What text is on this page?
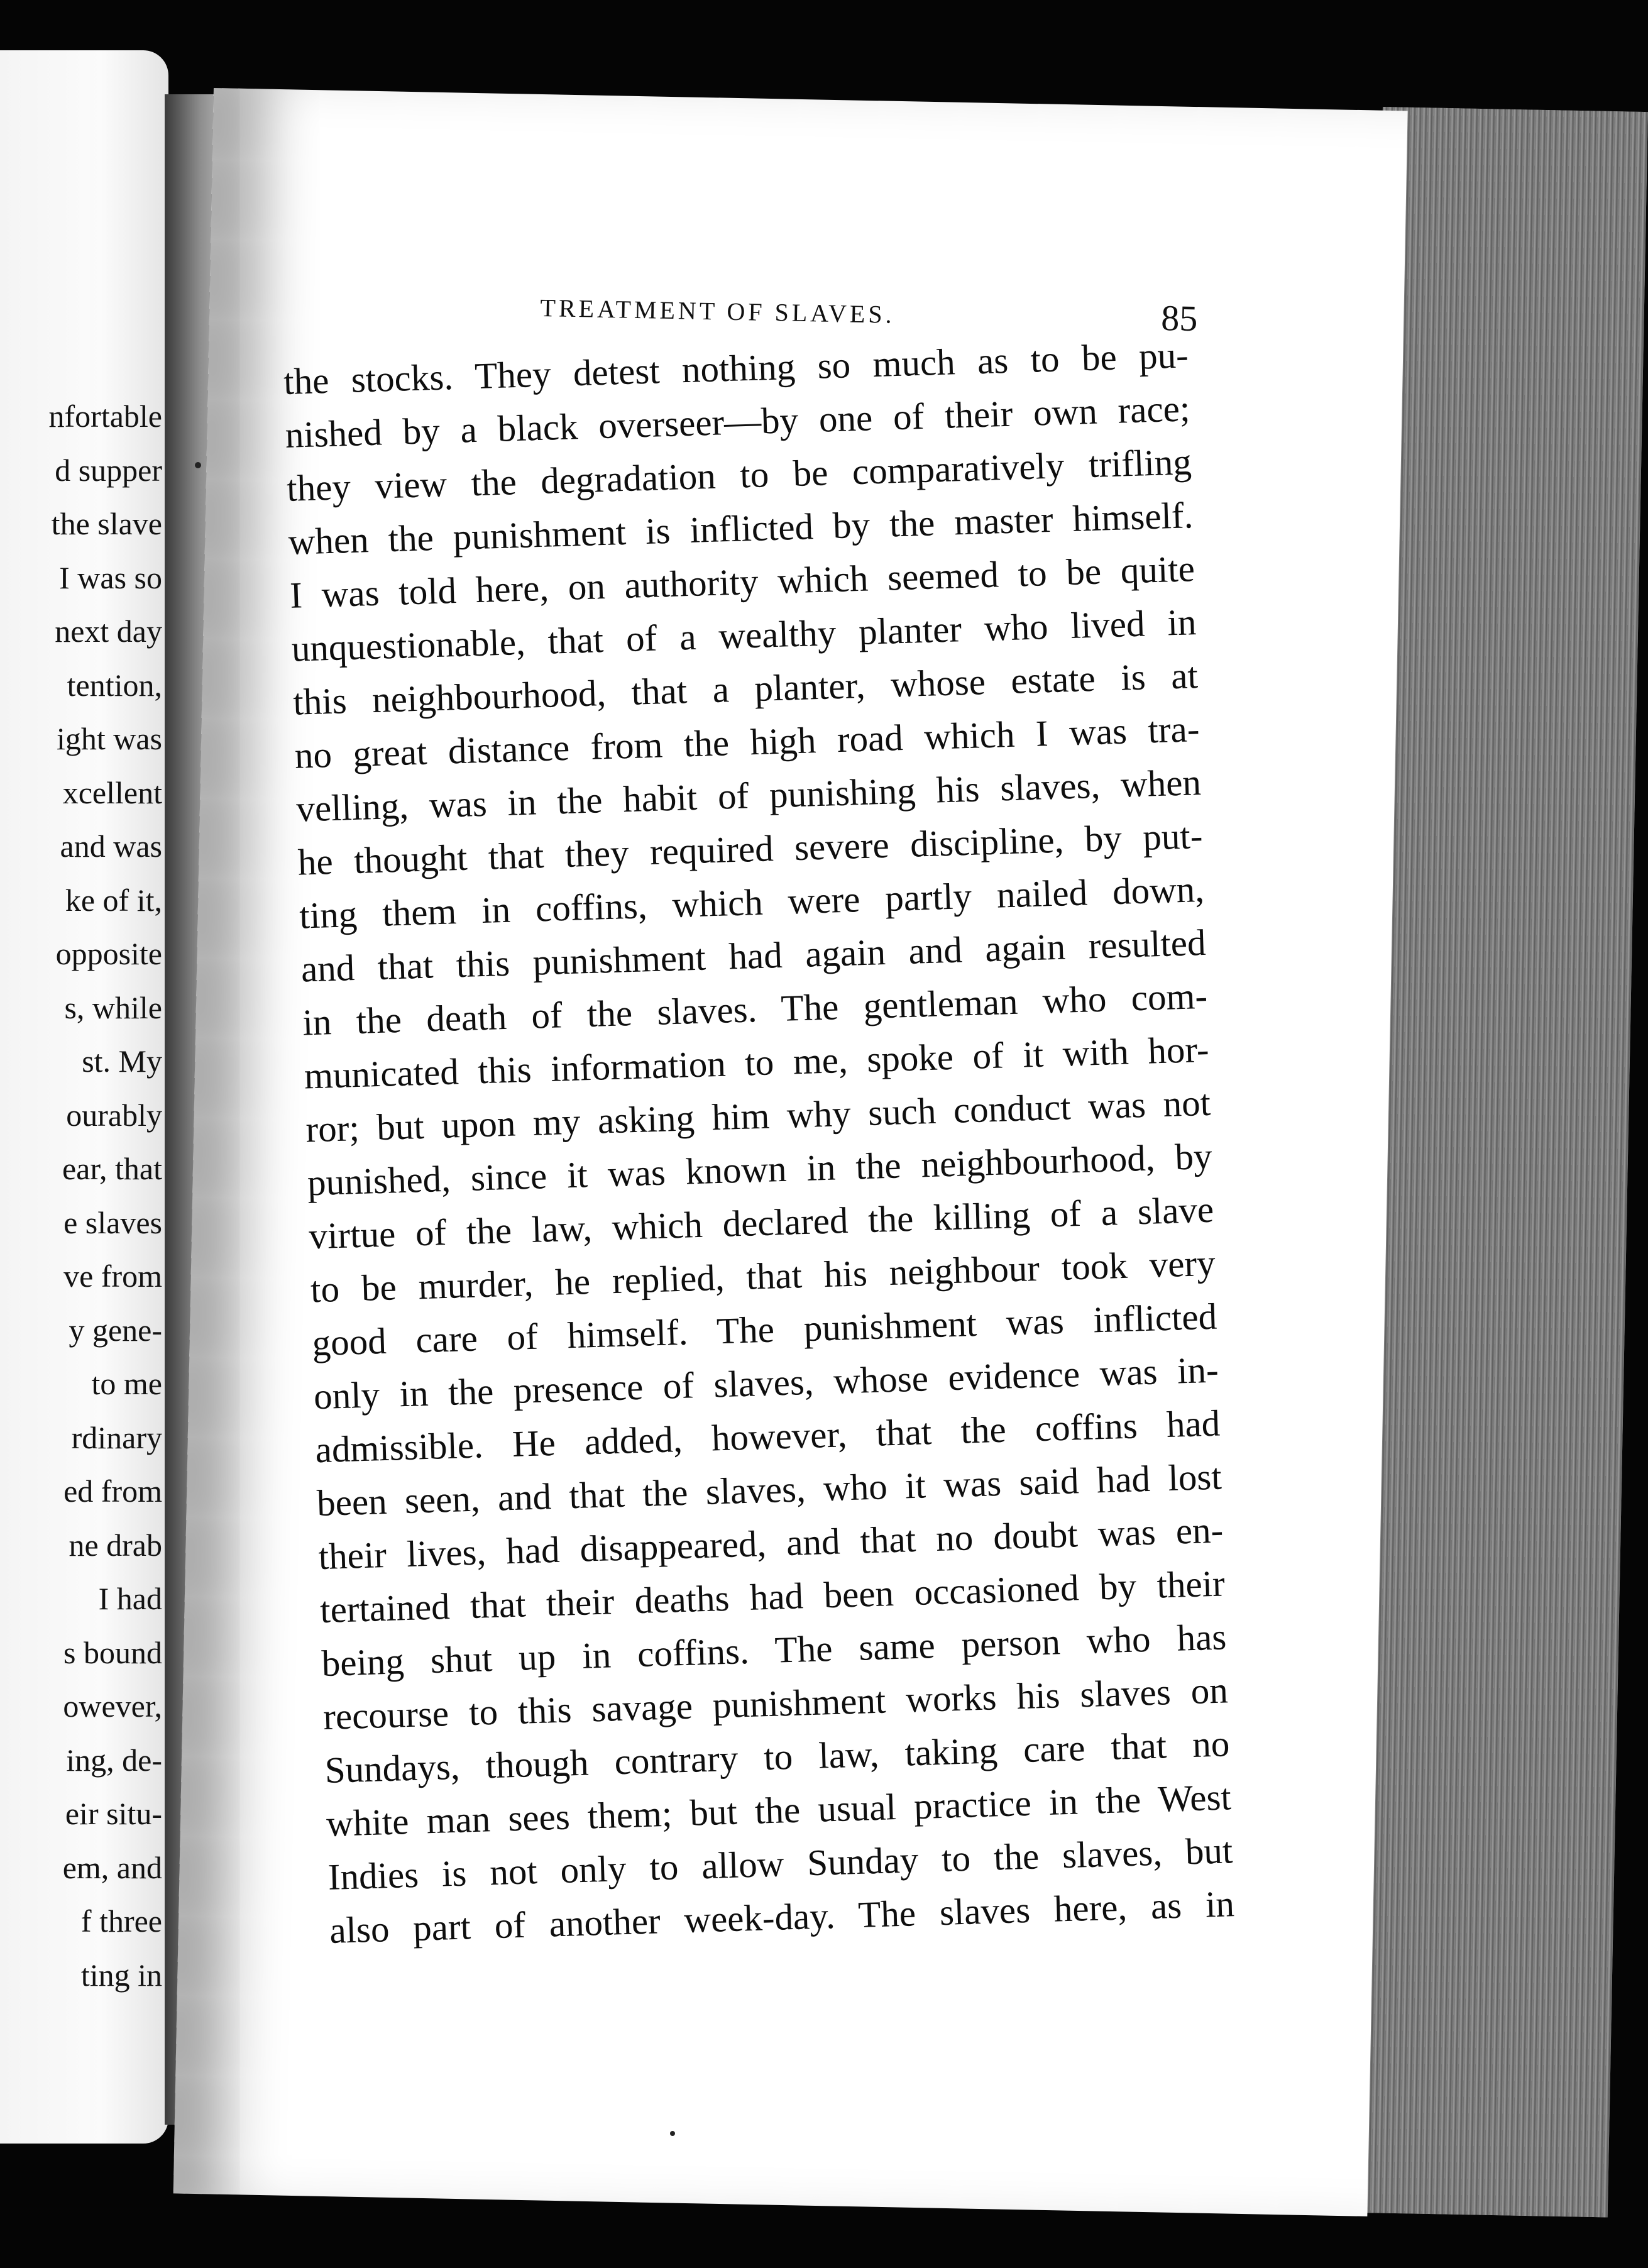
nfortable
d supper
the slave
I was so
next day
tention,
ight was
xcellent
and was
ke of it,
opposite
s, while
st. My
ourably
ear, that
e slaves
ve from
y gene-
to me
rdinary
ed from
ne drab
I had
s bound
owever,
ing, de-
eir situ-
em, and
f three
ting in
TREATMENT OF SLAVES.	85
the stocks. They detest nothing so much as to be pu-
nished by a black overseer—by one of their own race;
they view the degradation to be comparatively trifling
when the punishment is inflicted by the master himself.
I was told here, on authority which seemed to be quite
unquestionable, that of a wealthy planter who lived in
this neighbourhood, that a planter, whose estate is at
no great distance from the high road which I was tra-
velling, was in the habit of punishing his slaves, when
he thought that they required severe discipline, by put-
ting them in coffins, which were partly nailed down,
and that this punishment had again and again resulted
in the death of the slaves. The gentleman who com-
municated this information to me, spoke of it with hor-
ror; but upon my asking him why such conduct was not
punished, since it was known in the neighbourhood, by
virtue of the law, which declared the killing of a slave
to be murder, he replied, that his neighbour took very
good care of himself. The punishment was inflicted
only in the presence of slaves, whose evidence was in-
admissible. He added, however, that the coffins had
been seen, and that the slaves, who it was said had lost
their lives, had disappeared, and that no doubt was en-
tertained that their deaths had been occasioned by their
being shut up in coffins. The same person who has
recourse to this savage punishment works his slaves on
Sundays, though contrary to law, taking care that no
white man sees them; but the usual practice in the West
Indies is not only to allow Sunday to the slaves, but
also part of another week-day. The slaves here, as in
